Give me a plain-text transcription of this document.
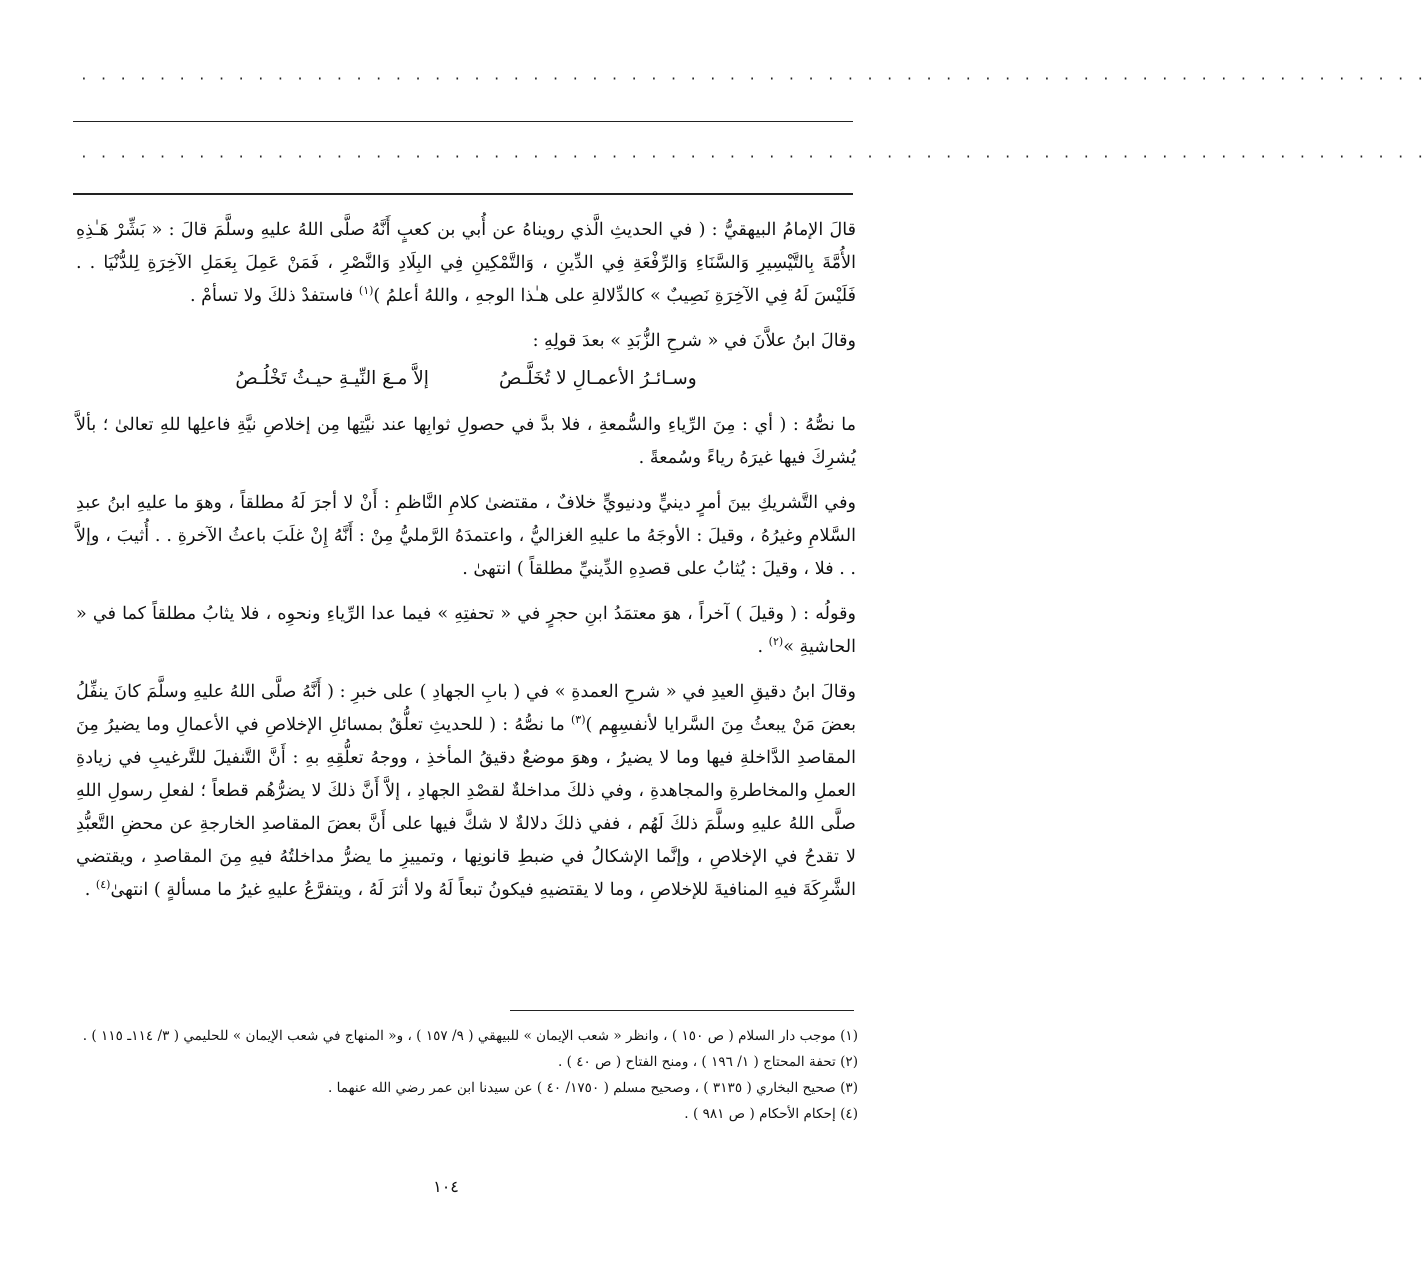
· · · · · · · · · · · · · · · · · · · · · · · · · · · · · · · · · · · · · · · · · · · · · · · · · · · · · · · · · · · · · · · · · · · · ·
· · · · · · · · · · · · · · · · · · · · · · · · · · · · · · · · · · · · · · · · · · · · · · · · · · · · · · · · · · · · · · · · · · · · ·

قالَ الإمامُ البيهقيُّ : ( في الحديثِ الَّذي رويناهُ عن أُبي بن كعبٍ أَنَّهُ صلَّى اللهُ عليهِ وسلَّمَ قالَ : « بَشِّرْ هَـٰذِهِ الأُمَّةَ بِالتَّيْسِيرِ وَالسَّنَاءِ وَالرِّفْعَةِ فِي الدِّينِ ، وَالتَّمْكِينِ فِي البِلَادِ وَالنَّصْرِ ، فَمَنْ عَمِلَ بِعَمَلِ الآخِرَةِ لِلدُّنْيَا . . فَلَيْسَ لَهُ فِي الآخِرَةِ نَصِيبٌ » كالدِّلالةِ على هـٰذا الوجهِ ، واللهُ أعلمُ )$^{(١)}$ فاستفدْ ذلكَ ولا تسأمْ .

وقالَ ابنُ علاَّنَ في « شرحِ الزُّبَدِ » بعدَ قولِهِ :

وسـائـرُ الأعمـالِ لا تُخَلَّـصُ
إلاَّ مـعَ النِّيـةِ حيـثُ تَخْلُـصُ

ما نصُّهُ : ( أي : مِنَ الرِّياءِ والسُّمعةِ ، فلا بدَّ في حصولِ ثوابِها عند نيَّتِها مِن إخلاصِ نيَّةِ فاعلِها للهِ تعالىٰ ؛ بألاَّ يُشرِكَ فيها غيرَهُ رياءً وسُمعةً .

وفي التَّشريكِ بينَ أمرٍ دينيٍّ ودنيويٍّ خلافٌ ، مقتضىٰ كلامِ النَّاظمِ : أَنْ لا أجرَ لَهُ مطلقاً ، وهوَ ما عليهِ ابنُ عبدِ السَّلامِ وغيرُهُ ، وقيلَ : الأوجَهُ ما عليهِ الغزاليُّ ، واعتمدَهُ الرَّمليُّ مِنْ : أَنَّهُ إِنْ غلَبَ باعثُ الآخرةِ . . أُثيبَ ، وإلاَّ . . فلا ، وقيلَ : يُثابُ على قصدِهِ الدِّينيِّ مطلقاً ) انتهىٰ .

وقولُه : ( وقيلَ ) آخراً ، هوَ معتمَدُ ابنِ حجرٍ في « تحفتِهِ » فيما عدا الرِّياءِ ونحوِه ، فلا يثابُ مطلقاً كما في « الحاشيةِ »$^{(٢)}$ .

وقالَ ابنُ دقيقِ العيدِ في « شرحِ العمدةِ » في ( بابِ الجهادِ ) على خبرِ : ( أَنَّهُ صلَّى اللهُ عليهِ وسلَّمَ كانَ ينفِّلُ بعضَ مَنْ يبعثُ مِنَ السَّرايا لأنفسِهِم )$^{(٣)}$ ما نصُّهُ : ( للحديثِ تعلُّقٌ بمسائلِ الإخلاصِ في الأعمالِ وما يضيرُ مِنَ المقاصدِ الدَّاخلةِ فيها وما لا يضيرُ ، وهوَ موضعٌ دقيقُ المأخذِ ، ووجهُ تعلُّقِهِ بهِ : أَنَّ التَّنفيلَ للتَّرغيبِ في زيادةِ العملِ والمخاطرةِ والمجاهدةِ ، وفي ذلكَ مداخلةٌ لقصْدِ الجهادِ ، إلاَّ أَنَّ ذلكَ لا يضرُّهُم قطعاً ؛ لفعلِ رسولِ اللهِ صلَّى اللهُ عليهِ وسلَّمَ ذلكَ لَهُم ، ففي ذلكَ دلالةٌ لا شكَّ فيها على أَنَّ بعضَ المقاصدِ الخارجةِ عن محضِ التَّعبُّدِ لا تقدحُ في الإخلاصِ ، وإنَّما الإشكالُ في ضبطِ قانونِها ، وتمييزِ ما يضرُّ مداخلتُهُ فيهِ مِنَ المقاصدِ ، ويقتضي الشَّرِكَةَ فيهِ المنافيةَ للإخلاصِ ، وما لا يقتضيهِ فيكونُ تبعاً لَهُ ولا أثرَ لَهُ ، ويتفرَّعُ عليهِ غيرُ ما مسألةٍ ) انتهىٰ$^{(٤)}$ .

(١) موجب دار السلام ( ص ١٥٠ ) ، وانظر « شعب الإيمان » للبيهقي ( ٩/ ١٥٧ ) ، و« المنهاج في شعب الإيمان » للحليمي ( ٣/ ١١٤ـ ١١٥ ) .

(٢) تحفة المحتاج ( ١/ ١٩٦ ) ، ومنح الفتاح ( ص ٤٠ ) .

(٣) صحيح البخاري ( ٣١٣٥ ) ، وصحيح مسلم ( ١٧٥٠/ ٤٠ ) عن سيدنا ابن عمر رضي الله عنهما .

(٤) إحكام الأحكام ( ص ٩٨١ ) .

١٠٤
